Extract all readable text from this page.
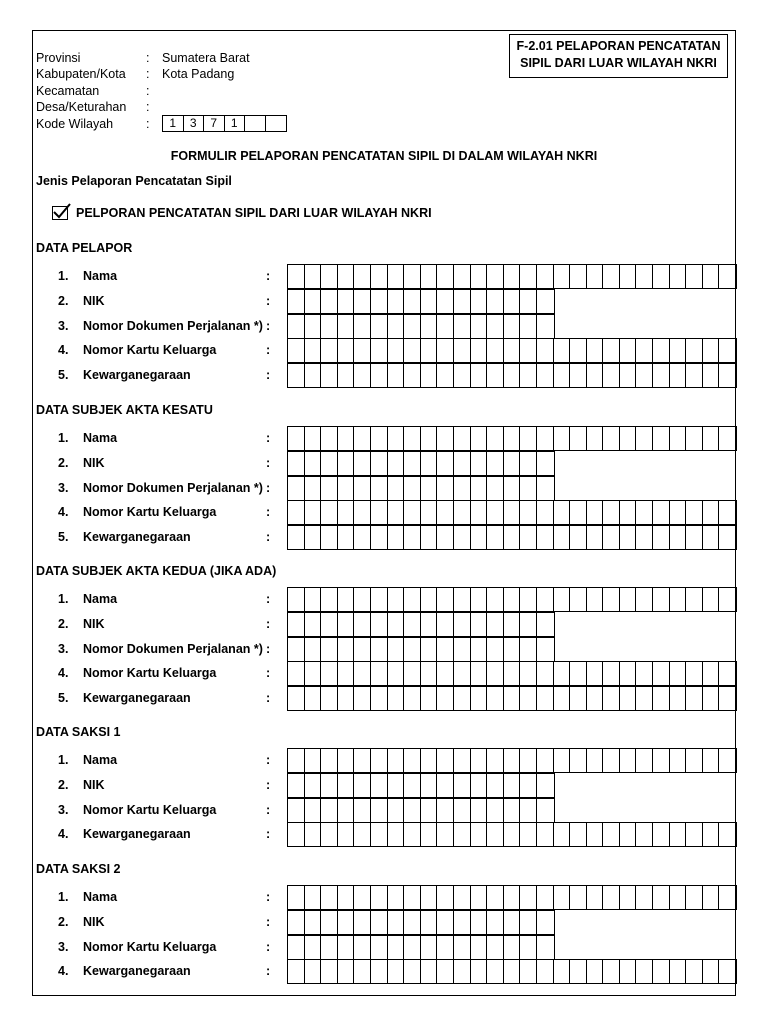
F-2.01 PELAPORAN PENCATATAN
SIPIL DARI LUAR WILAYAH NKRI
Provinsi	: Sumatera Barat
Kabupaten/Kota : Kota Padang
Kecamatan	:
Desa/Keturahan :
Kode Wilayah	:	1	3	7	1
FORMULIR PELAPORAN PENCATATAN SIPIL DI DALAM WILAYAH NKRI
Jenis Pelaporan Pencatatan Sipil
PELPORAN PENCATATAN SIPIL DARI LUAR WILAYAH NKRI
DATA PELAPOR
1. Nama	:
2. NIK	:
3. Nomor Dokumen Perjalanan *) :
4. Nomor Kartu Keluarga	:
5. Kewarganegaraan	:
DATA SUBJEK AKTA KESATU
1. Nama	:
2. NIK	:
3. Nomor Dokumen Perjalanan *) :
4. Nomor Kartu Keluarga	:
5. Kewarganegaraan	:
DATA SUBJEK AKTA KEDUA (JIKA ADA)
1. Nama	:
2. NIK	:
3. Nomor Dokumen Perjalanan *) :
4. Nomor Kartu Keluarga	:
5. Kewarganegaraan	:
DATA SAKSI 1
1. Nama	:
2. NIK	:
3. Nomor Kartu Keluarga	:
4. Kewarganegaraan	:
DATA SAKSI 2
1. Nama	:
2. NIK	:
3. Nomor Kartu Keluarga	:
4. Kewarganegaraan	:
